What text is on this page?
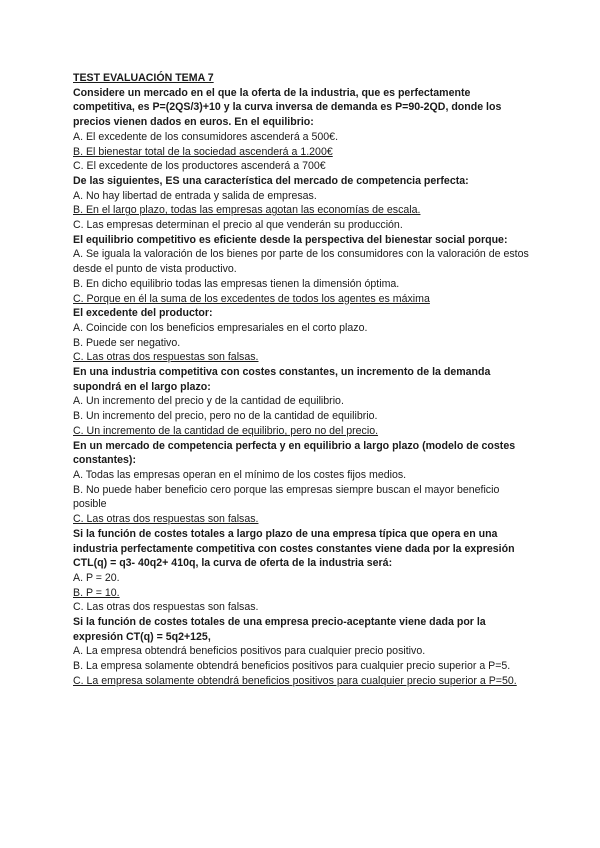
TEST EVALUACIÓN TEMA 7

Considere un mercado en el que la oferta de la industria, que es perfectamente competitiva, es P=(2QS/3)+10 y la curva inversa de demanda es P=90-2QD, donde los precios vienen dados en euros. En el equilibrio:

A. El excedente de los consumidores ascenderá a 500€.

B. El bienestar total de la sociedad ascenderá a 1.200€

C. El excedente de los productores ascenderá a 700€

De las siguientes, ES una característica del mercado de competencia perfecta:

A. No hay libertad de entrada y salida de empresas.

B. En el largo plazo, todas las empresas agotan las economías de escala.

C. Las empresas determinan el precio al que venderán su producción.

El equilibrio competitivo es eficiente desde la perspectiva del bienestar social porque:

A. Se iguala la valoración de los bienes por parte de los consumidores con la valoración de estos desde el punto de vista productivo.

B. En dicho equilibrio todas las empresas tienen la dimensión óptima.

C. Porque en él la suma de los excedentes de todos los agentes es máxima

El excedente del productor:

A. Coincide con los beneficios empresariales en el corto plazo.

B. Puede ser negativo.

C. Las otras dos respuestas son falsas.

En una industria competitiva con costes constantes, un incremento de la demanda supondrá en el largo plazo:

A. Un incremento del precio y de la cantidad de equilibrio.

B. Un incremento del precio, pero no de la cantidad de equilibrio.

C. Un incremento de la cantidad de equilibrio, pero no del precio.

En un mercado de competencia perfecta y en equilibrio a largo plazo (modelo de costes constantes):

A. Todas las empresas operan en el mínimo de los costes fijos medios.

B. No puede haber beneficio cero porque las empresas siempre buscan el mayor beneficio posible

C. Las otras dos respuestas son falsas.

Si la función de costes totales a largo plazo de una empresa típica que opera en una industria perfectamente competitiva con costes constantes viene dada por la expresión CTL(q) = q3- 40q2+ 410q, la curva de oferta de la industria será:

A. P = 20.

B. P = 10.

C. Las otras dos respuestas son falsas.

Si la función de costes totales de una empresa precio-aceptante viene dada por la expresión CT(q) = 5q2+125,

A. La empresa obtendrá beneficios positivos para cualquier precio positivo.

B. La empresa solamente obtendrá beneficios positivos para cualquier precio superior a P=5.

C. La empresa solamente obtendrá beneficios positivos para cualquier precio superior a P=50.
